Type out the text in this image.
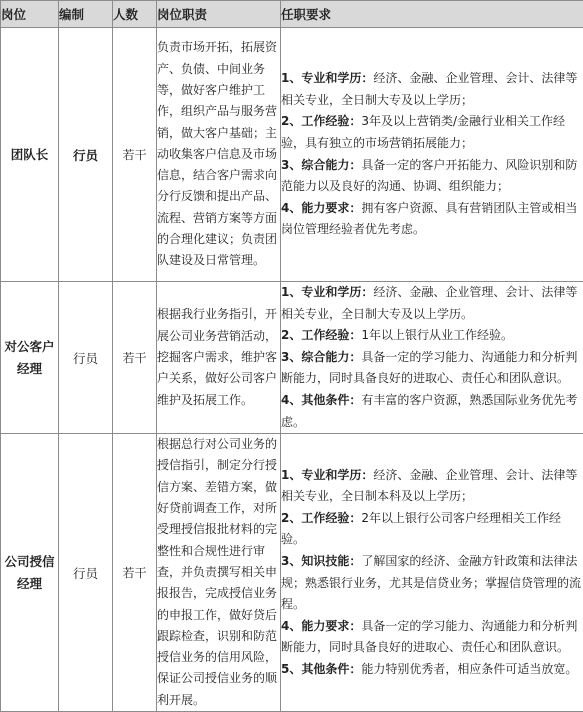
岗位	编制	人数	岗位职责	任职要求
团队长	行员	若干	负责市场开拓，拓展资产、负债、中间业务等，做好客户维护工作，组织产品与服务营销，做大客户基础；主动收集客户信息及市场信息，结合客户需求向分行反馈和提出产品、流程、营销方案等方面的合理化建议；负责团队建设及日常管理。	1、专业和学历：经济、金融、企业管理、会计、法律等相关专业，全日制大专及以上学历；
2、工作经验：3年及以上营销类/金融行业相关工作经验，具有独立的市场营销拓展能力；
3、综合能力：具备一定的客户开拓能力、风险识别和防范能力以及良好的沟通、协调、组织能力；
4、能力要求：拥有客户资源、具有营销团队主管或相当岗位管理经验者优先考虑。

对公客户经理	行员	若干	根据我行业务指引，开展公司业务营销活动，挖掘客户需求，维护客户关系，做好公司客户维护及拓展工作。	1、专业和学历：经济、金融、企业管理、会计、法律等相关专业，全日制大专及以上学历。
2、工作经验：1年以上银行从业工作经验。
3、综合能力：具备一定的学习能力、沟通能力和分析判断能力，同时具备良好的进取心、责任心和团队意识。
4、其他条件：有丰富的客户资源，熟悉国际业务优先考虑。

公司授信经理	行员	若干	根据总行对公司业务的授信指引，制定分行授信方案、差错方案，做好贷前调查工作，对所受理授信报批材料的完整性和合规性进行审查，并负责撰写相关申报报告，完成授信业务的申报工作，做好贷后跟踪检查，识别和防范授信业务的信用风险，保证公司授信业务的顺利开展。	1、专业和学历：经济、金融、企业管理、会计、法律等相关专业，全日制本科及以上学历；
2、工作经验：2年以上银行公司客户经理相关工作经验。
3、知识技能：了解国家的经济、金融方针政策和法律法规；熟悉银行业务，尤其是信贷业务；掌握信贷管理的流程。
4、能力要求：具备一定的学习能力、沟通能力和分析判断能力，同时具备良好的进取心、责任心和团队意识。
5、其他条件：能力特别优秀者，相应条件可适当放宽。
